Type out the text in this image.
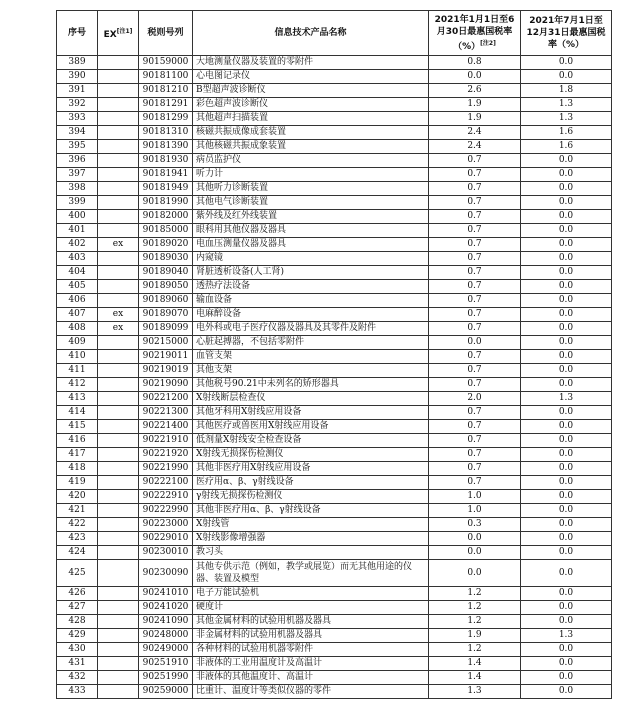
序号	EX[注1]	税则号列	信息技术产品名称	2021年1月1日至6月30日最惠国税率（%）[注2]	2021年7月1日至12月31日最惠国税率（%）
389		90159000	大地测量仪器及装置的零附件	0.8	0.0
390		90181100	心电图记录仪	0.0	0.0
391		90181210	B型超声波诊断仪	2.6	1.8
392		90181291	彩色超声波诊断仪	1.9	1.3
393		90181299	其他超声扫描装置	1.9	1.3
394		90181310	核磁共振成像成套装置	2.4	1.6
395		90181390	其他核磁共振成象装置	2.4	1.6
396		90181930	病员监护仪	0.7	0.0
397		90181941	听力计	0.7	0.0
398		90181949	其他听力诊断装置	0.7	0.0
399		90181990	其他电气诊断装置	0.7	0.0
400		90182000	紫外线及红外线装置	0.7	0.0
401		90185000	眼科用其他仪器及器具	0.7	0.0
402	ex	90189020	电血压测量仪器及器具	0.7	0.0
403		90189030	内窥镜	0.7	0.0
404		90189040	肾脏透析设备(人工肾)	0.7	0.0
405		90189050	透热疗法设备	0.7	0.0
406		90189060	输血设备	0.7	0.0
407	ex	90189070	电麻醉设备	0.7	0.0
408	ex	90189099	电外科或电子医疗仪器及器具及其零件及附件	0.7	0.0
409		90215000	心脏起搏器，不包括零附件	0.0	0.0
410		90219011	血管支架	0.7	0.0
411		90219019	其他支架	0.7	0.0
412		90219090	其他税号90.21中未列名的矫形器具	0.7	0.0
413		90221200	X射线断层检查仪	2.0	1.3
414		90221300	其他牙科用X射线应用设备	0.7	0.0
415		90221400	其他医疗或兽医用X射线应用设备	0.7	0.0
416		90221910	低剂量X射线安全检查设备	0.7	0.0
417		90221920	X射线无损探伤检测仪	0.7	0.0
418		90221990	其他非医疗用X射线应用设备	0.7	0.0
419		90222100	医疗用α、β、γ射线设备	0.7	0.0
420		90222910	γ射线无损探伤检测仪	1.0	0.0
421		90222990	其他非医疗用α、β、γ射线设备	1.0	0.0
422		90223000	X射线管	0.3	0.0
423		90229010	X射线影像增强器	0.0	0.0
424		90230010	教习头	0.0	0.0
425		90230090	其他专供示范（例如，教学或展览）而无其他用途的仪器、装置及模型	0.0	0.0
426		90241010	电子万能试验机	1.2	0.0
427		90241020	硬度计	1.2	0.0
428		90241090	其他金属材料的试验用机器及器具	1.2	0.0
429		90248000	非金属材料的试验用机器及器具	1.9	1.3
430		90249000	各种材料的试验用机器零附件	1.2	0.0
431		90251910	非液体的工业用温度计及高温计	1.4	0.0
432		90251990	非液体的其他温度计、高温计	1.4	0.0
433		90259000	比重计、温度计等类似仪器的零件	1.3	0.0
